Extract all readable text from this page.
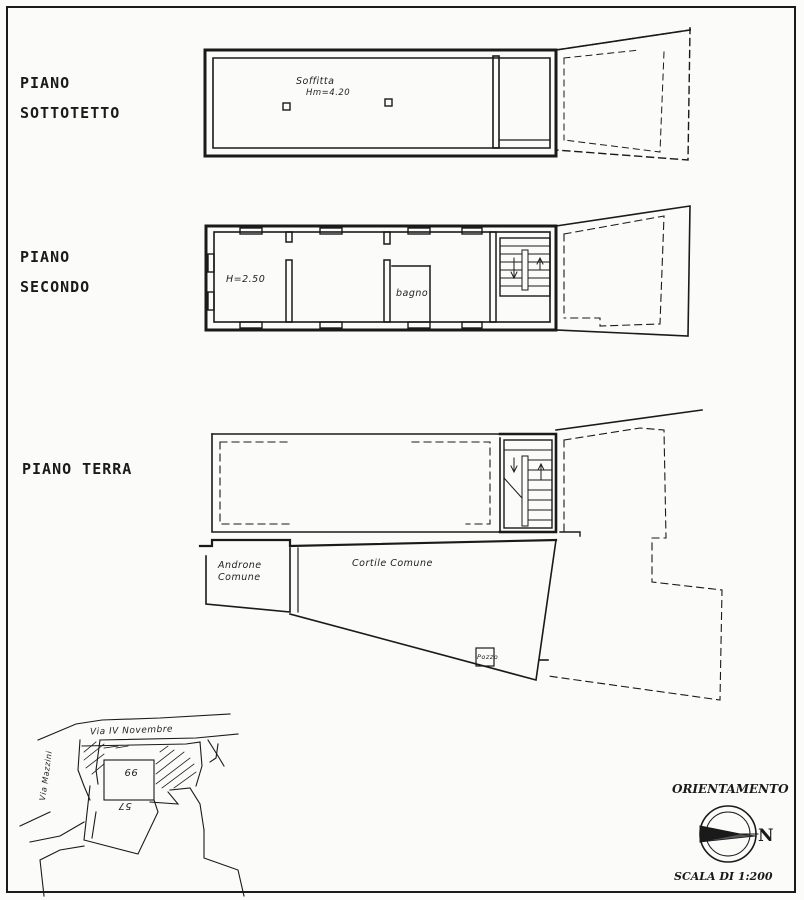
PIANO
SOTTOTETTO
PIANO
SECONDO
PIANO TERRA
Soffitta
Hm=4.20
H=2.50
bagno
Androne
Comune
Cortile Comune
Pozzo
Via IV Novembre
Via Mazzini	99
57
ORIENTAMENTO
N
SCALA DI 1:200
